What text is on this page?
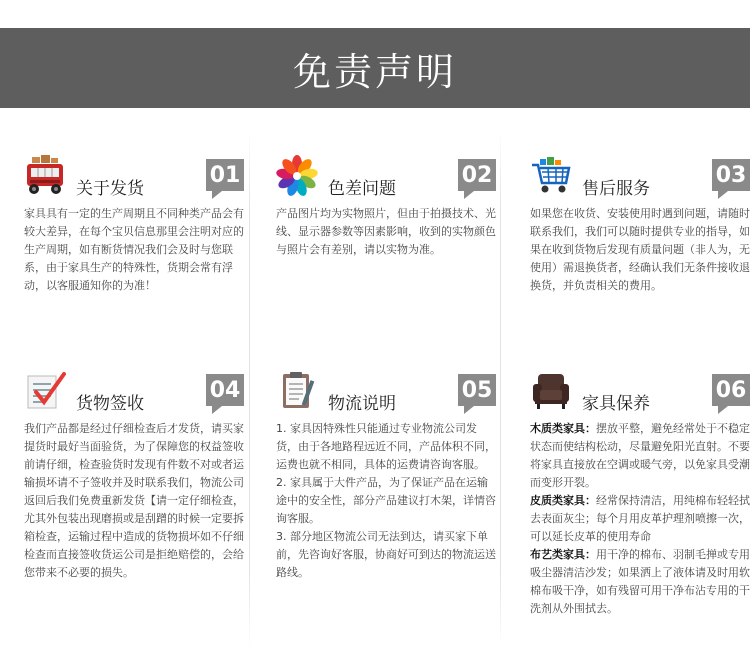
免责声明
关于发货
01

家具具有一定的生产周期且不同种类产品会有较大差异，在每个宝贝信息那里会注明对应的生产周期，如有断货情况我们会及时与您联系，由于家具生产的特殊性，货期会常有浮动，以客服通知你的为准！

色差问题
02

产品图片均为实物照片，但由于拍摄技术、光线、显示器参数等因素影响，收到的实物颜色与照片会有差别，请以实物为准。

售后服务
03

如果您在收货、安装使用时遇到问题，请随时联系我们，我们可以随时提供专业的指导，如果在收到货物后发现有质量问题（非人为，无使用）需退换货者，经确认我们无条件接收退换货，并负责相关的费用。

货物签收
04

我们产品都是经过仔细检查后才发货，请买家提货时最好当面验货，为了保障您的权益签收前请仔细，检查验货时发现有件数不对或者运输损坏请不子签收并及时联系我们，物流公司返回后我们免费重新发货【请一定仔细检查，尤其外包装出现磨损或是刮蹭的时候一定要拆箱检查，运输过程中造成的货物损坏如不仔细检查而直接签收货运公司是拒绝赔偿的，会给您带来不必要的损失。

物流说明
05

1. 家具因特殊性只能通过专业物流公司发货，由于各地路程远近不同，产品体积不同，运费也就不相同，具体的运费请咨询客服。

2. 家具属于大件产品，为了保证产品在运输途中的安全性，部分产品建议打木架，详情咨询客服。

3. 部分地区物流公司无法到达，请买家下单前，先咨询好客服，协商好可到达的物流运送路线。

家具保养
06

木质类家具：摆放平整，避免经常处于不稳定状态而使结构松动，尽量避免阳光直射。不要将家具直接放在空调或暖气旁，以免家具受潮而变形开裂。

皮质类家具：经常保持清洁，用纯棉布轻轻拭去表面灰尘；每个月用皮革护理剂喷擦一次，可以延长皮革的使用寿命

布艺类家具：用干净的棉布、羽制毛掸或专用吸尘器清洁沙发；如果洒上了液体请及时用软棉布吸干净，如有残留可用干净布沾专用的干洗剂从外围拭去。
